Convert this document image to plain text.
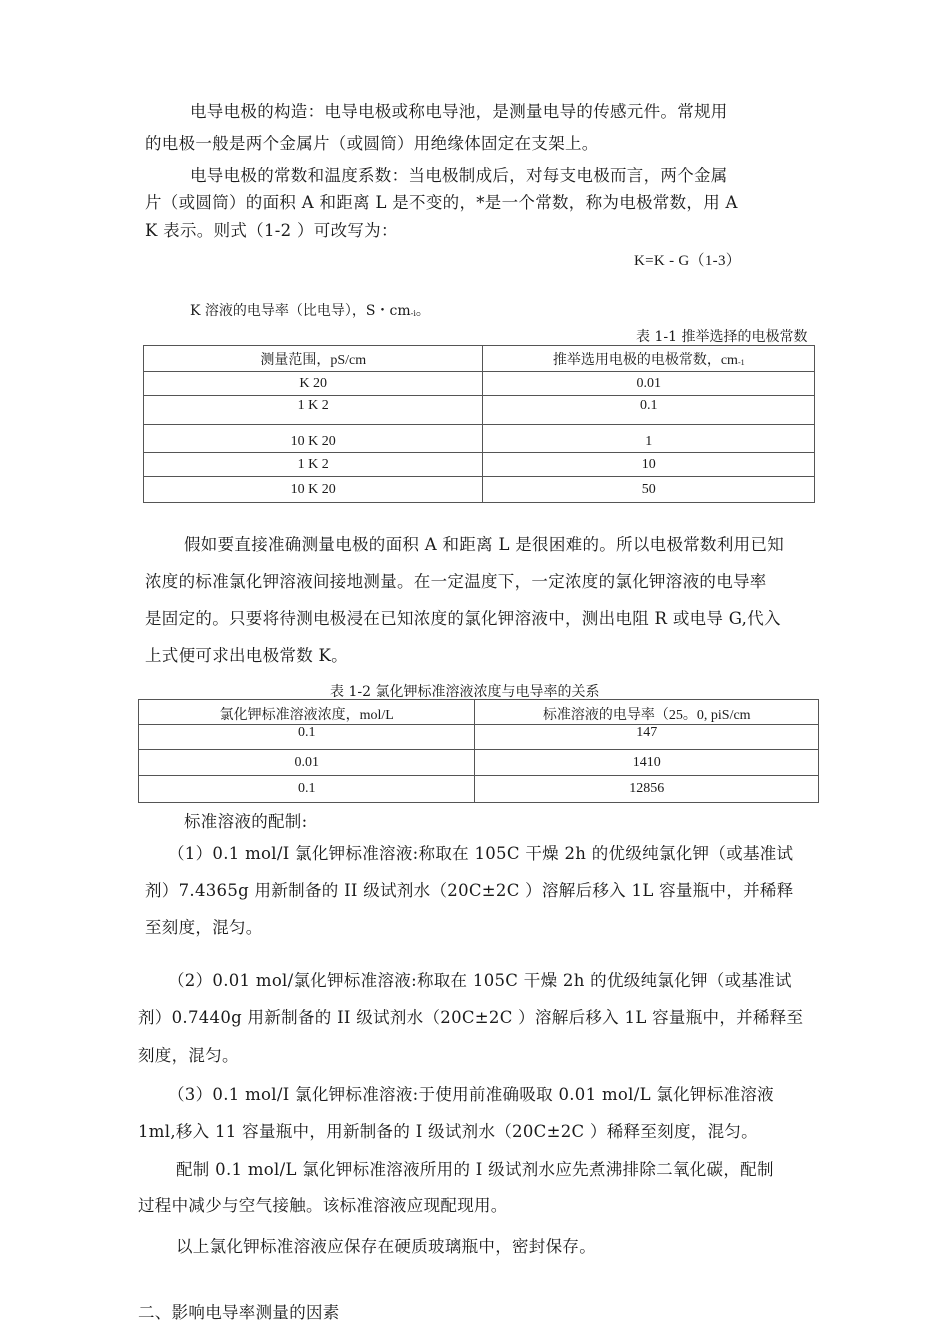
电导电极的构造：电导电极或称电导池，是测量电导的传感元件。常规用
的电极一般是两个金属片（或圆筒）用绝缘体固定在支架上。
电导电极的常数和温度系数：当电极制成后，对每支电极而言，两个金属
片（或圆筒）的面积 A 和距离 L 是不变的，*是一个常数，称为电极常数，用 A
K 表示。则式（1-2 ）可改写为：
K=K - G（1-3）
K 溶液的电导率（比电导），S・$cm_{-i}$。
表 1-1 推举选择的电极常数
测量范围，pS/cm	推举选用电极的电极常数，$cm_{-1}$
K 20	0.01
1 K 2	0.1
10 K 20	1
1 K 2	10
10 K 20	50
假如要直接准确测量电极的面积 A 和距离 L 是很困难的。所以电极常数利用已知
浓度的标准氯化钾溶液间接地测量。在一定温度下，一定浓度的氯化钾溶液的电导率
是固定的。只要将待测电极浸在已知浓度的氯化钾溶液中，测出电阻 R 或电导 G,代入
上式便可求出电极常数 K。
表 1-2 氯化钾标准溶液浓度与电导率的关系
氯化钾标准溶液浓度，mol/L	标准溶液的电导率（25。0, piS/cm
0.1	147
0.01	1410
0.1	12856
标准溶液的配制:
（1）0.1 mol/I 氯化钾标准溶液:称取在 105C 干燥 2h 的优级纯氯化钾（或基准试
剂）7.4365g 用新制备的 II 级试剂水（20C±2C ）溶解后移入 1L 容量瓶中，并稀释
至刻度，混匀。
（2）0.01 mol/氯化钾标准溶液:称取在 105C 干燥 2h 的优级纯氯化钾（或基准试
剂）0.7440g 用新制备的 II 级试剂水（20C±2C ）溶解后移入 1L 容量瓶中，并稀释至
刻度，混匀。
（3）0.1 mol/I 氯化钾标准溶液:于使用前准确吸取 0.01 mol/L 氯化钾标准溶液
1ml,移入 11 容量瓶中，用新制备的 I 级试剂水（20C±2C ）稀释至刻度，混匀。
配制 0.1 mol/L 氯化钾标准溶液所用的 I 级试剂水应先煮沸排除二氧化碳，配制
过程中减少与空气接触。该标准溶液应现配现用。
以上氯化钾标准溶液应保存在硬质玻璃瓶中，密封保存。
二、影响电导率测量的因素
